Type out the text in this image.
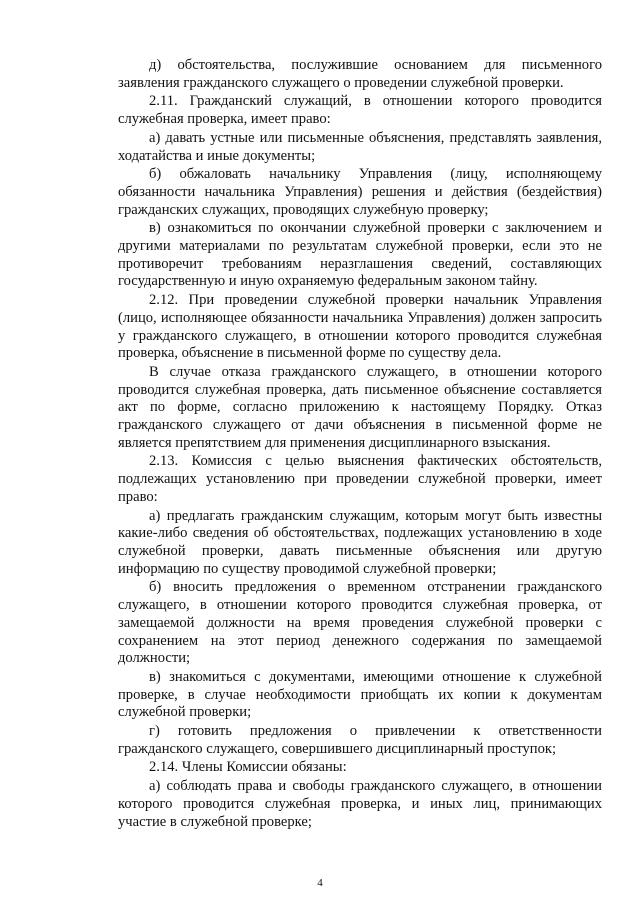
д) обстоятельства, послужившие основанием для письменного заявления гражданского служащего о проведении служебной проверки.

2.11. Гражданский служащий, в отношении которого проводится служебная проверка, имеет право:

а) давать устные или письменные объяснения, представлять заявления, ходатайства и иные документы;

б) обжаловать начальнику Управления (лицу, исполняющему обязанности начальника Управления) решения и действия (бездействия) гражданских служащих, проводящих служебную проверку;

в) ознакомиться по окончании служебной проверки с заключением и другими материалами по результатам служебной проверки, если это не противоречит требованиям неразглашения сведений, составляющих государственную и иную охраняемую федеральным законом тайну.

2.12. При проведении служебной проверки начальник Управления (лицо, исполняющее обязанности начальника Управления) должен запросить у гражданского служащего, в отношении которого проводится служебная проверка, объяснение в письменной форме по существу дела.

В случае отказа гражданского служащего, в отношении которого проводится служебная проверка, дать письменное объяснение составляется акт по форме, согласно приложению к настоящему Порядку. Отказ гражданского служащего от дачи объяснения в письменной форме не является препятствием для применения дисциплинарного взыскания.

2.13. Комиссия с целью выяснения фактических обстоятельств, подлежащих установлению при проведении служебной проверки, имеет право:

а) предлагать гражданским служащим, которым могут быть известны какие-либо сведения об обстоятельствах, подлежащих установлению в ходе служебной проверки, давать письменные объяснения или другую информацию по существу проводимой служебной проверки;

б) вносить предложения о временном отстранении гражданского служащего, в отношении которого проводится служебная проверка, от замещаемой должности на время проведения служебной проверки с сохранением на этот период денежного содержания по замещаемой должности;

в) знакомиться с документами, имеющими отношение к служебной проверке, в случае необходимости приобщать их копии к документам служебной проверки;

г) готовить предложения о привлечении к ответственности гражданского служащего, совершившего дисциплинарный проступок;

2.14. Члены Комиссии обязаны:

а) соблюдать права и свободы гражданского служащего, в отношении которого проводится служебная проверка, и иных лиц, принимающих участие в служебной проверке;

4
